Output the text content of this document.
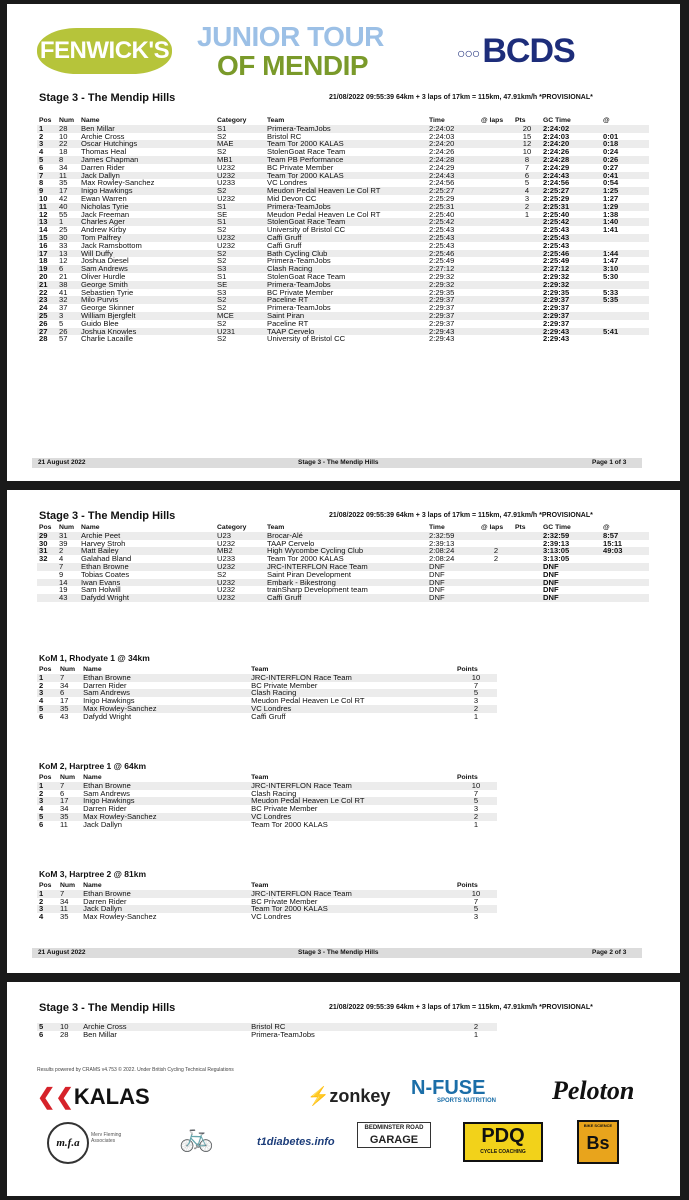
FENWICK'S JUNIOR TOUR
OF MENDIP	○○○BCDS
Stage 3 - The Mendip Hills	21/08/2022 09:55:39 64km + 3 laps of 17km = 115km, 47.91km/h *PROVISIONAL*
Pos	Num	Name	Category	Team	Time	@ laps	Pts	GC Time	@
1	28	Ben Millar	S1	Primera-TeamJobs	2:24:02		20	2:24:02	
2	10	Archie Cross	S2	Bristol RC	2:24:03		15	2:24:03	0:01
3	22	Oscar Hutchings	MAE	Team Tor 2000 KALAS	2:24:20		12	2:24:20	0:18
4	18	Thomas Heal	S2	StolenGoat Race Team	2:24:26		10	2:24:26	0:24
5	8	James Chapman	MB1	Team PB Performance	2:24:28		8	2:24:28	0:26
6	34	Darren Rider	U232	BC Private Member	2:24:29		7	2:24:29	0:27
7	11	Jack Dallyn	U232	Team Tor 2000 KALAS	2:24:43		6	2:24:43	0:41
8	35	Max Rowley-Sanchez	U233	VC Londres	2:24:56		5	2:24:56	0:54
9	17	Inigo Hawkings	S2	Meudon Pedal Heaven Le Col RT	2:25:27		4	2:25:27	1:25
10	42	Ewan Warren	U232	Mid Devon CC	2:25:29		3	2:25:29	1:27
11	40	Nicholas Tyrie	S1	Primera-TeamJobs	2:25:31		2	2:25:31	1:29
12	55	Jack Freeman	SE	Meudon Pedal Heaven Le Col RT	2:25:40		1	2:25:40	1:38
13	1	Charles Ager	S1	StolenGoat Race Team	2:25:42			2:25:42	1:40
14	25	Andrew Kirby	S2	University of Bristol CC	2:25:43			2:25:43	1:41
15	30	Tom Palfrey	U232	Caffi Gruff	2:25:43			2:25:43	
16	33	Jack Ramsbottom	U232	Caffi Gruff	2:25:43			2:25:43	
17	13	Will Duffy	S2	Bath Cycling Club	2:25:46			2:25:46	1:44
18	12	Joshua Diesel	S2	Primera-TeamJobs	2:25:49			2:25:49	1:47
19	6	Sam Andrews	S3	Clash Racing	2:27:12			2:27:12	3:10
20	21	Oliver Hurdle	S1	StolenGoat Race Team	2:29:32			2:29:32	5:30
21	38	George Smith	SE	Primera-TeamJobs	2:29:32			2:29:32	
22	41	Sebastien Tyrie	S3	BC Private Member	2:29:35			2:29:35	5:33
23	32	Milo Purvis	S2	Paceline RT	2:29:37			2:29:37	5:35
24	37	George Skinner	S2	Primera-TeamJobs	2:29:37			2:29:37	
25	3	William Bjergfelt	MCE	Saint Piran	2:29:37			2:29:37	
26	5	Guido Blee	S2	Paceline RT	2:29:37			2:29:37	
27	26	Joshua Knowles	U231	TAAP Cervelo	2:29:43			2:29:43	5:41
28	57	Charlie Lacaille	S2	University of Bristol CC	2:29:43			2:29:43	
21 August 2022	Stage 3 - The Mendip Hills	Page 1 of 3
Stage 3 - The Mendip Hills	21/08/2022 09:55:39 64km + 3 laps of 17km = 115km, 47.91km/h *PROVISIONAL*
Pos	Num	Name	Category	Team	Time	@ laps	Pts	GC Time	@
29	31	Archie Peet	U23	Brocar-Alé	2:32:59			2:32:59	8:57
30	39	Harvey Stroh	U232	TAAP Cervelo	2:39:13			2:39:13	15:11
31	2	Matt Bailey	MB2	High Wycombe Cycling Club	2:08:24	2		3:13:05	49:03
32	4	Galahad Bland	U233	Team Tor 2000 KALAS	2:08:24	2		3:13:05	
	7	Ethan Browne	U232	JRC-INTERFLON Race Team	DNF			DNF	
	9	Tobias Coates	S2	Saint Piran Development	DNF			DNF	
	14	Iwan Evans	U232	Embark - Bikestrong	DNF			DNF	
	19	Sam Holwill	U232	trainSharp Development team	DNF			DNF	
	43	Dafydd Wright	U232	Caffi Gruff	DNF			DNF	
KoM 1, Rhodyate 1 @ 34km
Pos	Num	Name	Team	Points
1	7	Ethan Browne	JRC-INTERFLON Race Team	10
2	34	Darren Rider	BC Private Member	7
3	6	Sam Andrews	Clash Racing	5
4	17	Inigo Hawkings	Meudon Pedal Heaven Le Col RT	3
5	35	Max Rowley-Sanchez	VC Londres	2
6	43	Dafydd Wright	Caffi Gruff	1
KoM 2, Harptree 1 @ 64km
Pos	Num	Name	Team	Points
1	7	Ethan Browne	JRC-INTERFLON Race Team	10
2	6	Sam Andrews	Clash Racing	7
3	17	Inigo Hawkings	Meudon Pedal Heaven Le Col RT	5
4	34	Darren Rider	BC Private Member	3
5	35	Max Rowley-Sanchez	VC Londres	2
6	11	Jack Dallyn	Team Tor 2000 KALAS	1
KoM 3, Harptree 2 @ 81km
Pos	Num	Name	Team	Points
1	7	Ethan Browne	JRC-INTERFLON Race Team	10
2	34	Darren Rider	BC Private Member	7
3	11	Jack Dallyn	Team Tor 2000 KALAS	5
4	35	Max Rowley-Sanchez	VC Londres	3
21 August 2022	Stage 3 - The Mendip Hills	Page 2 of 3
Stage 3 - The Mendip Hills	21/08/2022 09:55:39 64km + 3 laps of 17km = 115km, 47.91km/h *PROVISIONAL*
5	10	Archie Cross	Bristol RC	2
6	28	Ben Millar	Primera-TeamJobs	1
Results powered by CRAMS v4.753 © 2022. Under British Cycling Technical Regulations
❮❮KALAS	⚡zonkey N-FUSE
SPORTS NUTRITION Peloton
m.f.a
Merv Fleming Associates	🚲	t1diabetes.info
BEDMINSTER ROAD
GARAGE	PDQ
CYCLE COACHING
BIKE SCIENCE
Bs
